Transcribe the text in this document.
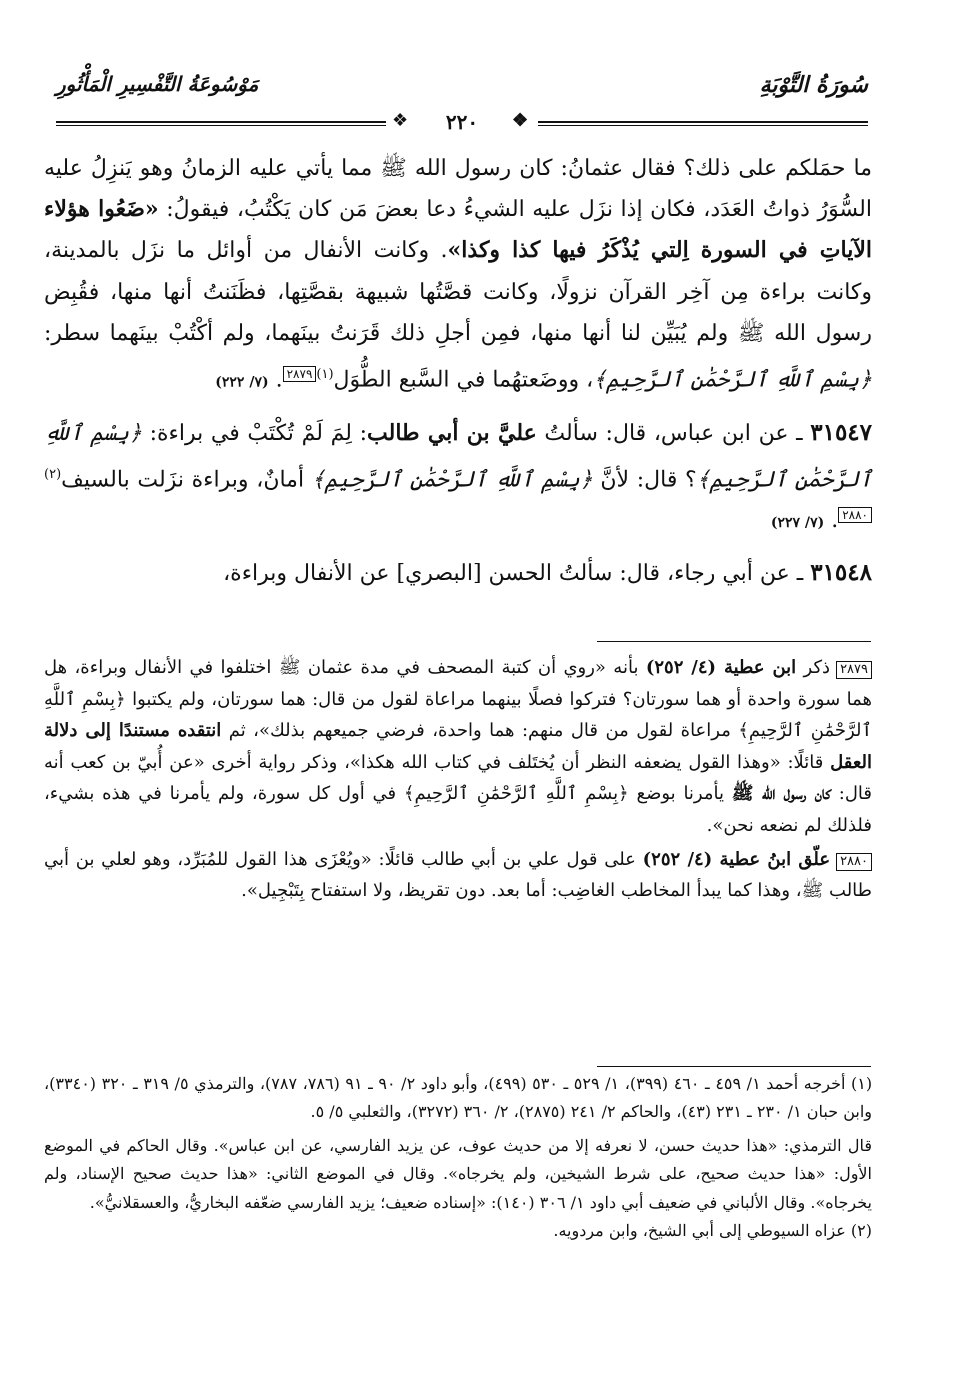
سُورَةُ التَّوْبَةِ
مَوْسُوعَةُ التَّفْسِيرِ الْمَأْثُورِ
❖	٢٢٠	❖

ما حمَلكم على ذلك؟ فقال عثمانُ: كان رسول الله ﷺ مما يأتي عليه الزمانُ وهو يَنزِلُ عليه السُّوَرُ ذواتُ العَدَد، فكان إذا نزَل عليه الشيءُ دعا بعضَ مَن كان يَكْتُبُ، فيقولُ: «ضَعُوا هؤلاء الآياتِ في السورة اِلتي يُذْكَرُ فيها كذا وكذا». وكانت الأنفال من أوائل ما نزَل بالمدينة، وكانت براءة مِن آخِر القرآن نزولًا، وكانت قصَّتُها شبيهة بقصَّتِها، فظَنَنتُ أنها منها، فقُبِض رسول الله ﷺ ولم يُبَيِّن لنا أنها منها، فمِن أجلِ ذلك قَرَنتُ بينَهما، ولم أكْتُبْ بينَهما سطر: ﴿بِسْمِ ٱللَّهِ ٱلرَّحْمَٰنِ ٱلرَّحِيمِ﴾، ووضَعتهُما في السَّبع الطُّوَل$^{(١)}$٢٨٧٩. (٧/ ٢٢٢)

٣١٥٤٧ ـ عن ابن عباس، قال: سألتُ عليَّ بن أبي طالب: لِمَ لَمْ تُكْتَبْ في براءة: ﴿بِسْمِ ٱللَّهِ ٱلرَّحْمَٰنِ ٱلرَّحِيمِ﴾؟ قال: لأنَّ ﴿بِسْمِ ٱللَّهِ ٱلرَّحْمَٰنِ ٱلرَّحِيمِ﴾ أمانٌ، وبراءة نزَلت بالسيف$^{(٢)}$٢٨٨٠. (٧/ ٢٢٧)

٣١٥٤٨ ـ عن أبي رجاء، قال: سألتُ الحسن [البصري] عن الأنفال وبراءة،

٢٨٧٩ذكر ابن عطية (٤/ ٢٥٢) بأنه «روي أن كتبة المصحف في مدة عثمان ﷺ اختلفوا في الأنفال وبراءة، هل هما سورة واحدة أو هما سورتان؟ فتركوا فصلًا بينهما مراعاة لقول من قال: هما سورتان، ولم يكتبوا ﴿بِسْمِ ٱللَّهِ ٱلرَّحْمَٰنِ ٱلرَّحِيمِ﴾ مراعاة لقول من قال منهم: هما واحدة، فرضي جميعهم بذلك»، ثم انتقده مستندًا إلى دلالة العقل قائلًا: «وهذا القول يضعفه النظر أن يُختَلف في كتاب الله هكذا»، وذكر رواية أخرى «عن أُبيّ بن كعب أنه قال: كان رسول الله ﷺ يأمرنا بوضع ﴿بِسْمِ ٱللَّهِ ٱلرَّحْمَٰنِ ٱلرَّحِيمِ﴾ في أول كل سورة، ولم يأمرنا في هذه بشيء، فلذلك لم نضعه نحن».

٢٨٨٠علّق ابنُ عطية (٤/ ٢٥٢) على قول علي بن أبي طالب قائلًا: «ويُعْزَى هذا القول للمُبَرِّد، وهو لعلي بن أبي طالب ﷺ، وهذا كما يبدأ المخاطب الغاضِب: أما بعد. دون تقريظ، ولا استفتاح بِتَبْجِيل».

(١) أخرجه أحمد ١/ ٤٥٩ ـ ٤٦٠ (٣٩٩)، ١/ ٥٢٩ ـ ٥٣٠ (٤٩٩)، وأبو داود ٢/ ٩٠ ـ ٩١ (٧٨٦، ٧٨٧)، والترمذي ٥/ ٣١٩ ـ ٣٢٠ (٣٣٤٠)، وابن حبان ١/ ٢٣٠ ـ ٢٣١ (٤٣)، والحاكم ٢/ ٢٤١ (٢٨٧٥)، ٢/ ٣٦٠ (٣٢٧٢)، والثعلبي ٥/ ٥.

قال الترمذي: «هذا حديث حسن، لا نعرفه إلا من حديث عوف، عن يزيد الفارسي، عن ابن عباس». وقال الحاكم في الموضع الأول: «هذا حديث صحيح، على شرط الشيخين، ولم يخرجاه». وقال في الموضع الثاني: «هذا حديث صحيح الإسناد، ولم يخرجاه». وقال الألباني في ضعيف أبي داود ١/ ٣٠٦ (١٤٠): «إسناده ضعيف؛ يزيد الفارسي ضعّفه البخاريُّ، والعسقلانيُّ».

(٢) عزاه السيوطي إلى أبي الشيخ، وابن مردويه.
